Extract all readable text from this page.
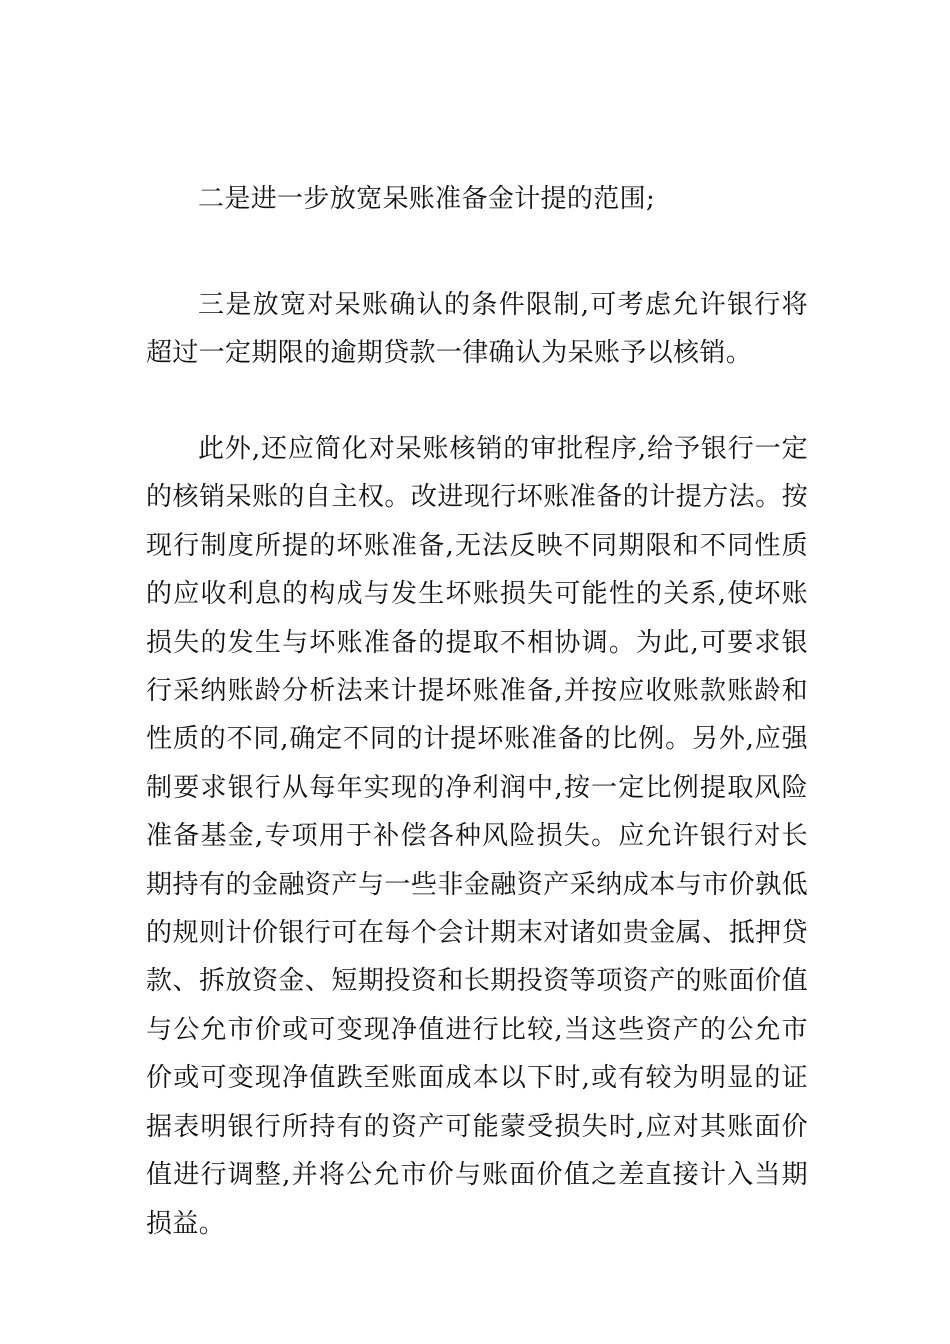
二是进一步放宽呆账准备金计提的范围;

三是放宽对呆账确认的条件限制,可考虑允许银行将超过一定期限的逾期贷款一律确认为呆账予以核销。

此外,还应简化对呆账核销的审批程序,给予银行一定的核销呆账的自主权。改进现行坏账准备的计提方法。按现行制度所提的坏账准备,无法反映不同期限和不同性质的应收利息的构成与发生坏账损失可能性的关系,使坏账损失的发生与坏账准备的提取不相协调。为此,可要求银行采纳账龄分析法来计提坏账准备,并按应收账款账龄和性质的不同,确定不同的计提坏账准备的比例。另外,应强制要求银行从每年实现的净利润中,按一定比例提取风险准备基金,专项用于补偿各种风险损失。应允许银行对长期持有的金融资产与一些非金融资产采纳成本与市价孰低的规则计价银行可在每个会计期末对诸如贵金属、抵押贷款、拆放资金、短期投资和长期投资等项资产的账面价值与公允市价或可变现净值进行比较,当这些资产的公允市价或可变现净值跌至账面成本以下时,或有较为明显的证据表明银行所持有的资产可能蒙受损失时,应对其账面价值进行调整,并将公允市价与账面价值之差直接计入当期损益。
